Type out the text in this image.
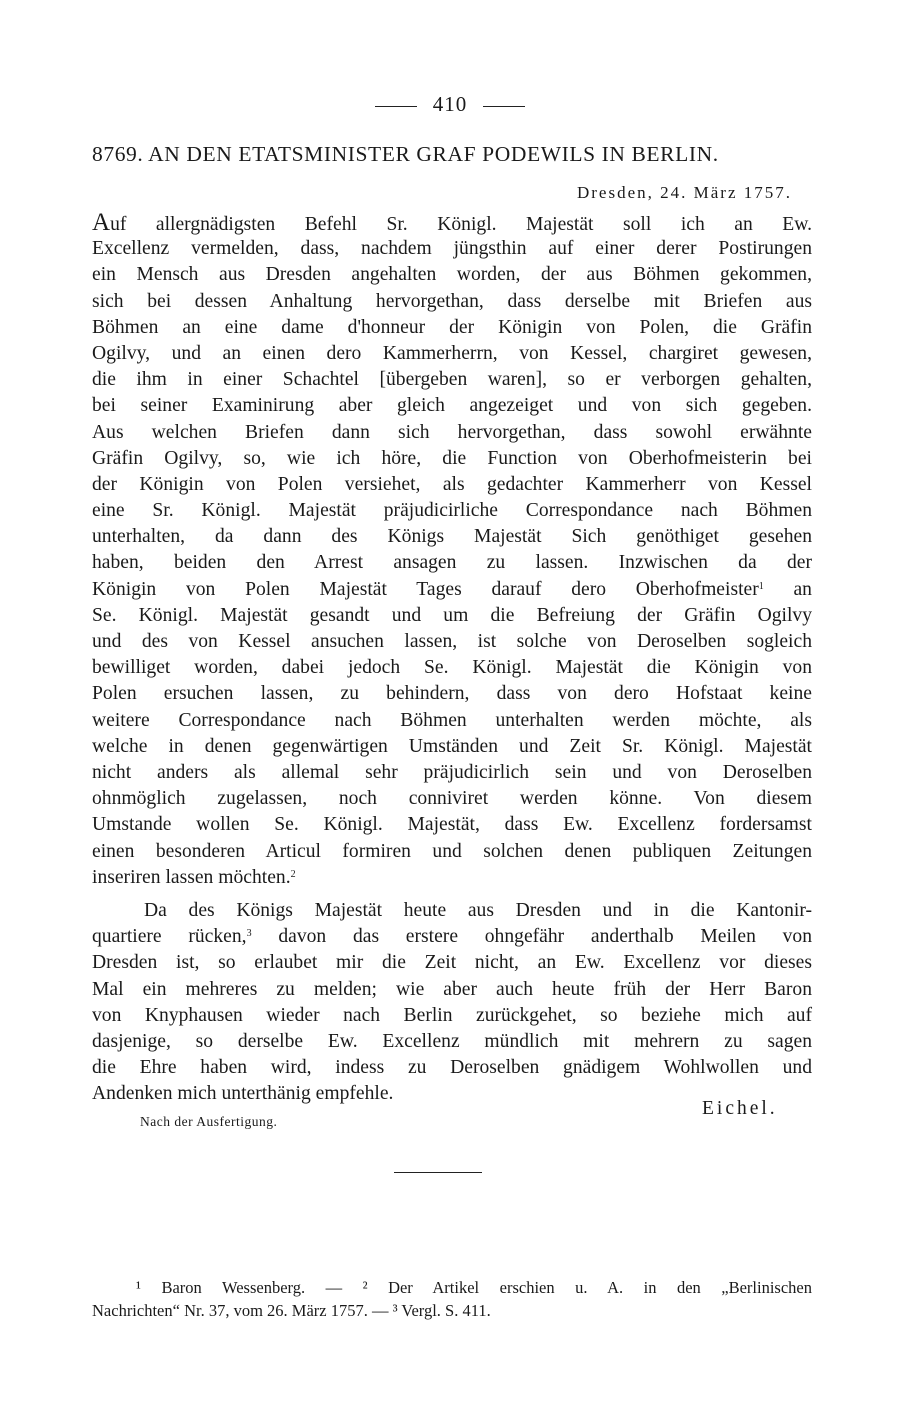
410
8769. AN DEN ETATSMINISTER GRAF PODEWILS IN BERLIN.
Dresden, 24. März 1757.
Auf allergnädigsten Befehl Sr. Königl. Majestät soll ich an Ew.
Excellenz vermelden, dass, nachdem jüngsthin auf einer derer Postirungen
ein Mensch aus Dresden angehalten worden, der aus Böhmen gekommen,
sich bei dessen Anhaltung hervorgethan, dass derselbe mit Briefen aus
Böhmen an eine dame d'honneur der Königin von Polen, die Gräfin
Ogilvy, und an einen dero Kammerherrn, von Kessel, chargiret gewesen,
die ihm in einer Schachtel [übergeben waren], so er verborgen gehalten,
bei seiner Examinirung aber gleich angezeiget und von sich gegeben.
Aus welchen Briefen dann sich hervorgethan, dass sowohl erwähnte
Gräfin Ogilvy, so, wie ich höre, die Function von Oberhofmeisterin bei
der Königin von Polen versiehet, als gedachter Kammerherr von Kessel
eine Sr. Königl. Majestät präjudicirliche Correspondance nach Böhmen
unterhalten, da dann des Königs Majestät Sich genöthiget gesehen
haben, beiden den Arrest ansagen zu lassen. Inzwischen da der
Königin von Polen Majestät Tages darauf dero Oberhofmeister$^1$ an
Se. Königl. Majestät gesandt und um die Befreiung der Gräfin Ogilvy
und des von Kessel ansuchen lassen, ist solche von Deroselben sogleich
bewilliget worden, dabei jedoch Se. Königl. Majestät die Königin von
Polen ersuchen lassen, zu behindern, dass von dero Hofstaat keine
weitere Correspondance nach Böhmen unterhalten werden möchte, als
welche in denen gegenwärtigen Umständen und Zeit Sr. Königl. Majestät
nicht anders als allemal sehr präjudicirlich sein und von Deroselben
ohnmöglich zugelassen, noch conniviret werden könne. Von diesem
Umstande wollen Se. Königl. Majestät, dass Ew. Excellenz fordersamst
einen besonderen Articul formiren und solchen denen publiquen Zeitungen
inseriren lassen möchten.$^2$
Da des Königs Majestät heute aus Dresden und in die Kantonir-
quartiere rücken,$^3$ davon das erstere ohngefähr anderthalb Meilen von
Dresden ist, so erlaubet mir die Zeit nicht, an Ew. Excellenz vor dieses
Mal ein mehreres zu melden; wie aber auch heute früh der Herr Baron
von Knyphausen wieder nach Berlin zurückgehet, so beziehe mich auf
dasjenige, so derselbe Ew. Excellenz mündlich mit mehrern zu sagen
die Ehre haben wird, indess zu Deroselben gnädigem Wohlwollen und
Andenken mich unterthänig empfehle.
Eichel.
Nach der Ausfertigung.
¹ Baron Wessenberg. — ² Der Artikel erschien u. A. in den „Berlinischen
Nachrichten“ Nr. 37, vom 26. März 1757. — ³ Vergl. S. 411.
